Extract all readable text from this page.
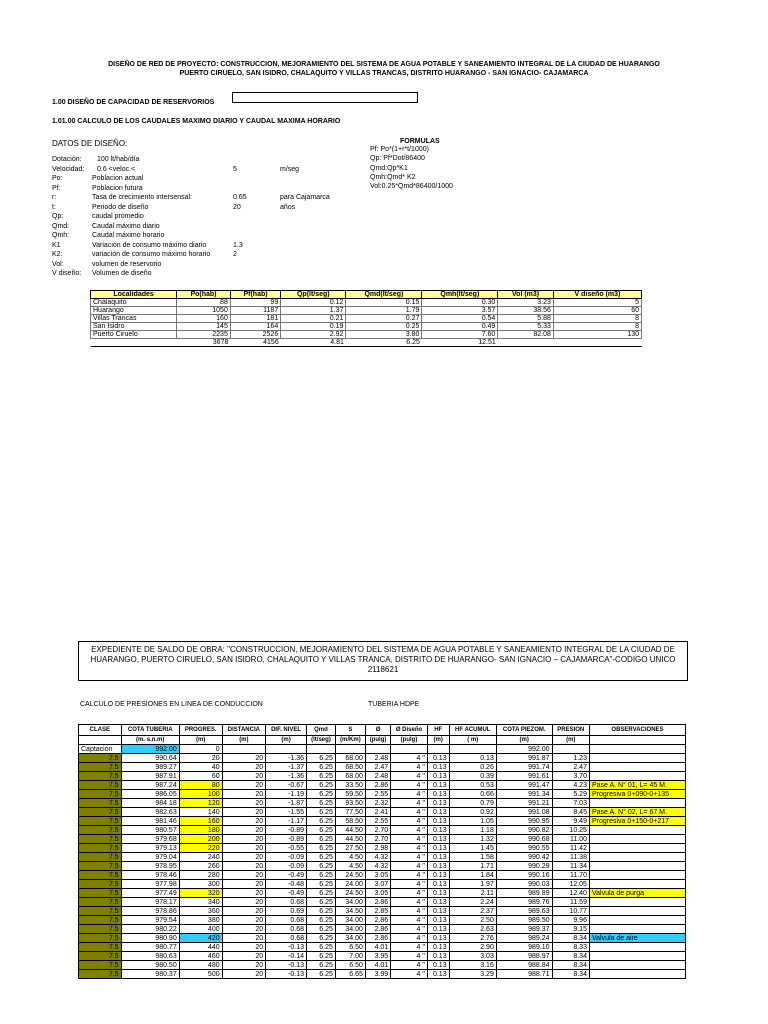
DISEÑO DE RED DE PROYECTO: CONSTRUCCION, MEJORAMIENTO DEL SISTEMA DE AGUA POTABLE Y SANEAMIENTO INTEGRAL DE LA CIUDAD DE HUARANGO
PUERTO CIRUELO, SAN ISIDRO, CHALAQUITO Y VILLAS TRANCAS, DISTRITO HUARANGO - SAN IGNACIO- CAJAMARCA
1.00 DISEÑO DE CAPACIDAD DE RESERVORIOS
1.01.00 CALCULO DE LOS CAUDALES MAXIMO DIARIO Y CAUDAL MAXIMA HORARIO
DATOS DE DISEÑO:	FORMULAS
Pf: Po*(1+r*t/1000)
Qp: Pf*Dot/86400
Qmd:Qp*K1
Qmh:Qmd* K2
Vol:0.25*Qmd*86400/1000
Dotación: 100 lt/hab/día
Velocidad: 0.6 <veloc.<	5	m/seg
Po:	Poblacion actual
Pf:	Poblacion futura
r:	Tasa de crecimiento intersensal:	0.65	para Cajamarca
t:	Periodo de diseño	20	años
Qp:	caudal promedio
Qmd:	Caudal máximo diario
Qmh:	Caudal máximo horario
K1	Variación de consumo máximo diario	1.3
K2:	variación de consumo máximo horario	2
Vol:	volumen de reservorio
V diseño: Volumen de diseño
Localidades	Po(hab)	Pf(hab)	Qp(lt/seg)	Qmd(lt/seg)	Qmh(lt/seg)	Vol (m3)	V diseño (m3)
Chalaquito	88	99	0.12	0.15	0.30	3.23	5
Huarango	1050	1187	1.37	1.79	3.57	38.56	60
Villas Trancas	160	181	0.21	0.27	0.54	5.88	8
San Isidro	145	164	0.19	0.25	0.49	5.33	8
Puerto Ciruelo	2235	2526	2.92	3.80	7.60	82.08	130
	3678	4156	4.81	6.25	12.51		
EXPEDIENTE DE SALDO DE OBRA: "CONSTRUCCION, MEJORAMIENTO DEL SISTEMA DE AGUA POTABLE Y SANEAMIENTO INTEGRAL DE LA CIUDAD DE HUARANGO, PUERTO CIRUELO, SAN ISIDRO, CHALAQUITO Y VILLAS TRANCA, DISTRITO DE HUARANGO- SAN IGNACIO – CAJAMARCA"-CODIGO UNICO 2118621
CALCULO DE PRESIONES EN LINEA DE CONDUCCION	TUBERIA HDPE
CLASE	COTA TUBERIA	PROGRES.	DISTANCIA	DIF. NIVEL	Qmd	S	Ø	Ø Diseño	HF	HF ACUMUL	COTA PIEZOM.	PRESION	OBSERVACIONES
	(m. s.n.m)	(m)	(m)	(m)	(lt/seg)	(m/Km)	(pulg)	(pulg)	(m)	( m)	(m)	(m)	
Captación	992.00	0									992.00		
7.5	990.64	20	20	-1.36	6.25	68.00	2.48	4 "	0.13	0.13	991.87	1.23	
7.5	989.27	40	20	-1.37	6.25	68.50	2.47	4 "	0.13	0.26	991.74	2.47	
7.5	987.91	60	20	-1.36	6.25	68.00	2.48	4 "	0.13	0.39	991.61	3.70	
7.5	987.24	80	20	-0.67	6.25	33.50	2.86	4 "	0.13	0.53	991.47	4.23	Pase A. N° 01, L= 45 M.
7.5	986.05	100	20	-1.19	6.25	59.50	2.55	4 "	0.13	0.66	991.34	5.29	Progresiva 0+090-0+135
7.5	984.18	120	20	-1.87	6.25	93.50	2.32	4 "	0.13	0.79	991.21	7.03	
7.5	982.63	140	20	-1.55	6.25	77.50	2.41	4 "	0.13	0.92	991.08	8.45	Pase A. N° 02, L= 67 M.
7.5	981.46	160	20	-1.17	6.25	58.50	2.55	4 "	0.13	1.05	990.95	9.49	Progresiva 0+150-0+217
7.5	980.57	180	20	-0.89	6.25	44.50	2.70	4 "	0.13	1.18	990.82	10.25	
7.5	979.68	200	20	-0.89	6.25	44.50	2.70	4 "	0.13	1.32	990.68	11.00	
7.5	979.13	220	20	-0.55	6.25	27.50	2.98	4 "	0.13	1.45	990.55	11.42	
7.5	979.04	240	20	-0.09	6.25	4.50	4.32	4 "	0.13	1.58	990.42	11.38	
7.5	978.95	260	20	-0.09	6.25	4.50	4.32	4 "	0.13	1.71	990.29	11.34	
7.5	978.46	280	20	-0.49	6.25	24.50	3.05	4 "	0.13	1.84	990.16	11.70	
7.5	977.98	300	20	-0.48	6.25	24.00	3.07	4 "	0.13	1.97	990.03	12.05	
7.5	977.49	320	20	-0.49	6.25	24.50	3.05	4 "	0.13	2.11	989.89	12.40	Valvula de purga
7.5	978.17	340	20	0.68	6.25	34.00	2.86	4 "	0.13	2.24	989.76	11.59	
7.5	978.86	360	20	0.69	6.25	34.50	2.85	4 "	0.13	2.37	989.63	10.77	
7.5	979.54	380	20	0.68	6.25	34.00	2.86	4 "	0.13	2.50	989.50	9.96	
7.5	980.22	400	20	0.68	6.25	34.00	2.86	4 "	0.13	2.63	989.37	9.15	
7.5	980.90	420	20	0.68	6.25	34.00	2.86	4 "	0.13	2.76	989.24	8.34	Valvula de aire
7.5	980.77	440	20	-0.13	6.25	6.50	4.01	4 "	0.13	2.90	989.10	8.33	
7.5	980.63	460	20	-0.14	6.25	7.00	3.95	4 "	0.13	3.03	988.97	8.34	
7.5	980.50	480	20	-0.13	6.25	6.50	4.01	4 "	0.13	3.16	988.84	8.34	
7.5	980.37	500	20	-0.13	6.25	6.65	3.99	4 "	0.13	3.29	988.71	8.34	
